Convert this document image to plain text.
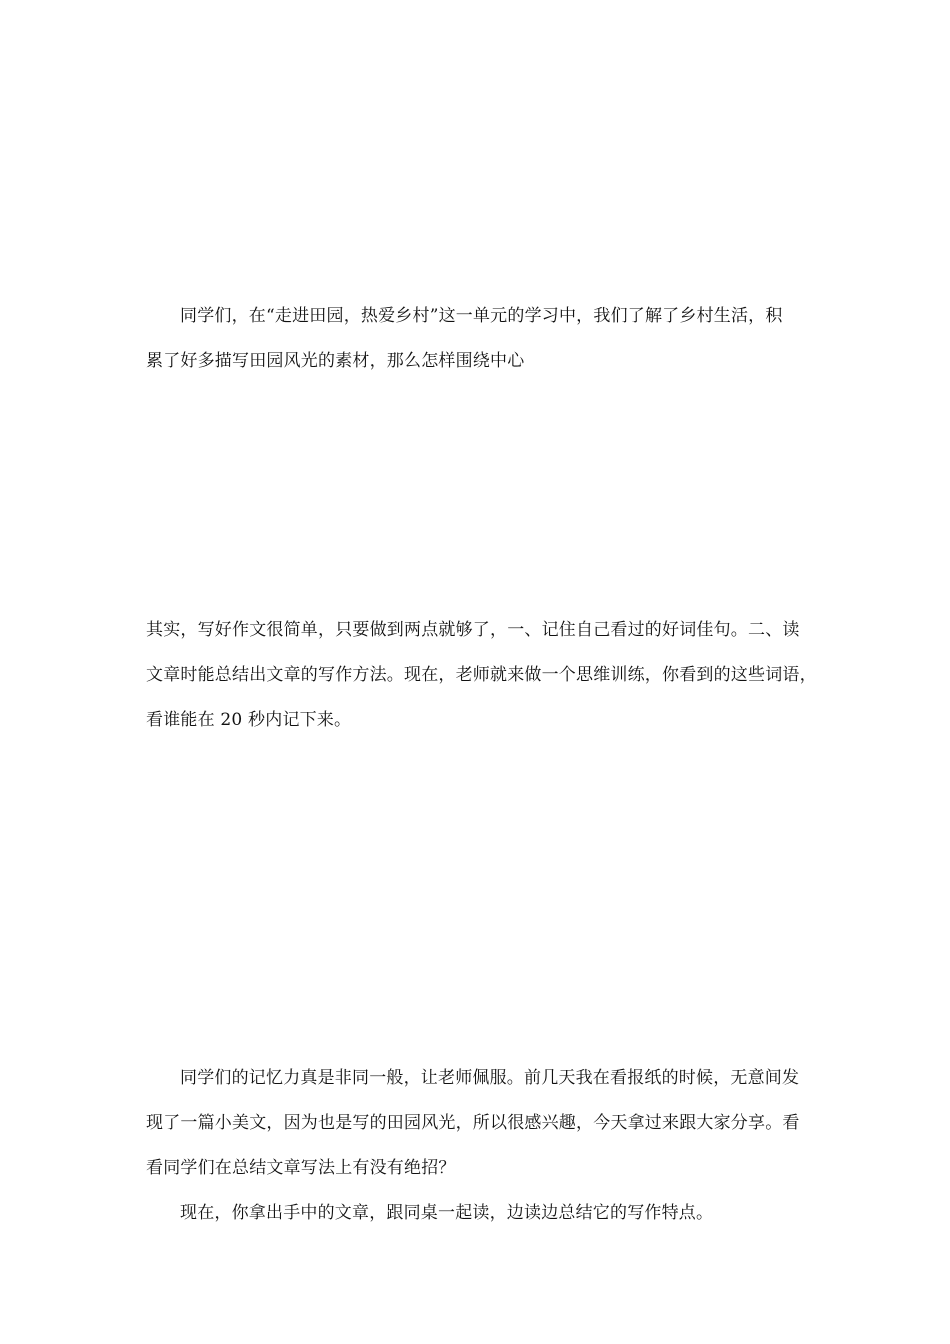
同学们，在“走进田园，热爱乡村”这一单元的学习中，我们了解了乡村生活，积
累了好多描写田园风光的素材，那么怎样围绕中心
其实，写好作文很简单，只要做到两点就够了，一、记住自己看过的好词佳句。二、读
文章时能总结出文章的写作方法。现在，老师就来做一个思维训练，你看到的这些词语，
看谁能在 20 秒内记下来。
同学们的记忆力真是非同一般，让老师佩服。前几天我在看报纸的时候，无意间发
现了一篇小美文，因为也是写的田园风光，所以很感兴趣，今天拿过来跟大家分享。看
看同学们在总结文章写法上有没有绝招？
现在，你拿出手中的文章，跟同桌一起读，边读边总结它的写作特点。
